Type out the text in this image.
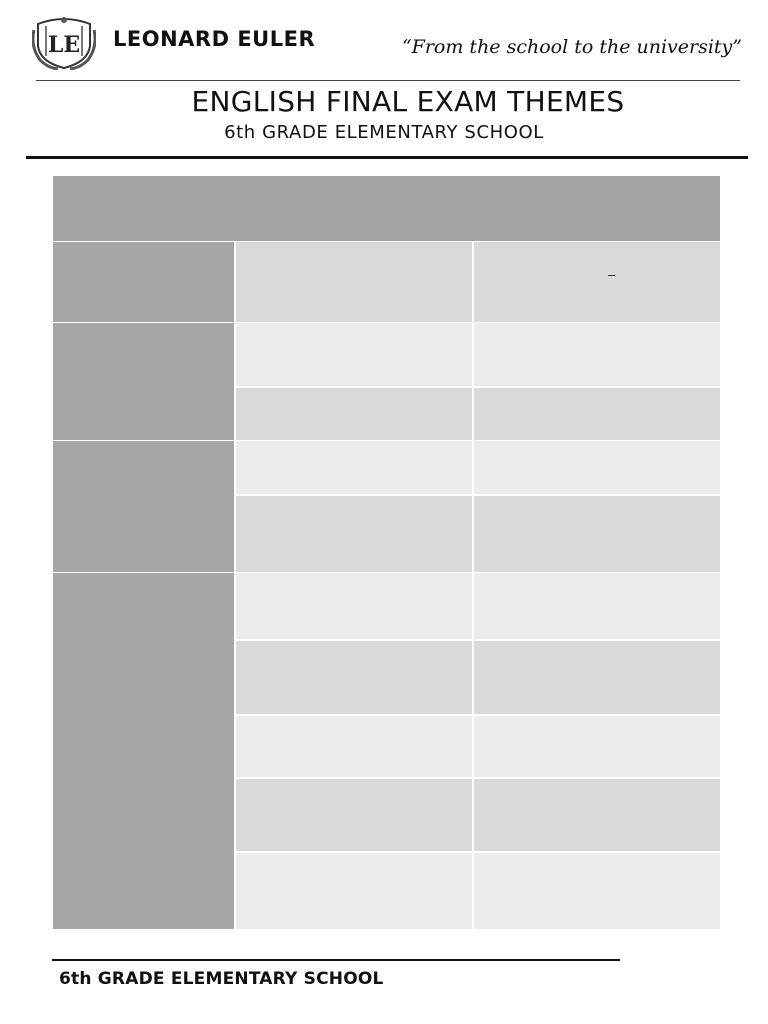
LE LEONARD EULER	“From the school to the university”
ENGLISH FINAL EXAM THEMES
6th GRADE ELEMENTARY SCHOOL
6th GRADE ELEMENTARY SCHOOL
